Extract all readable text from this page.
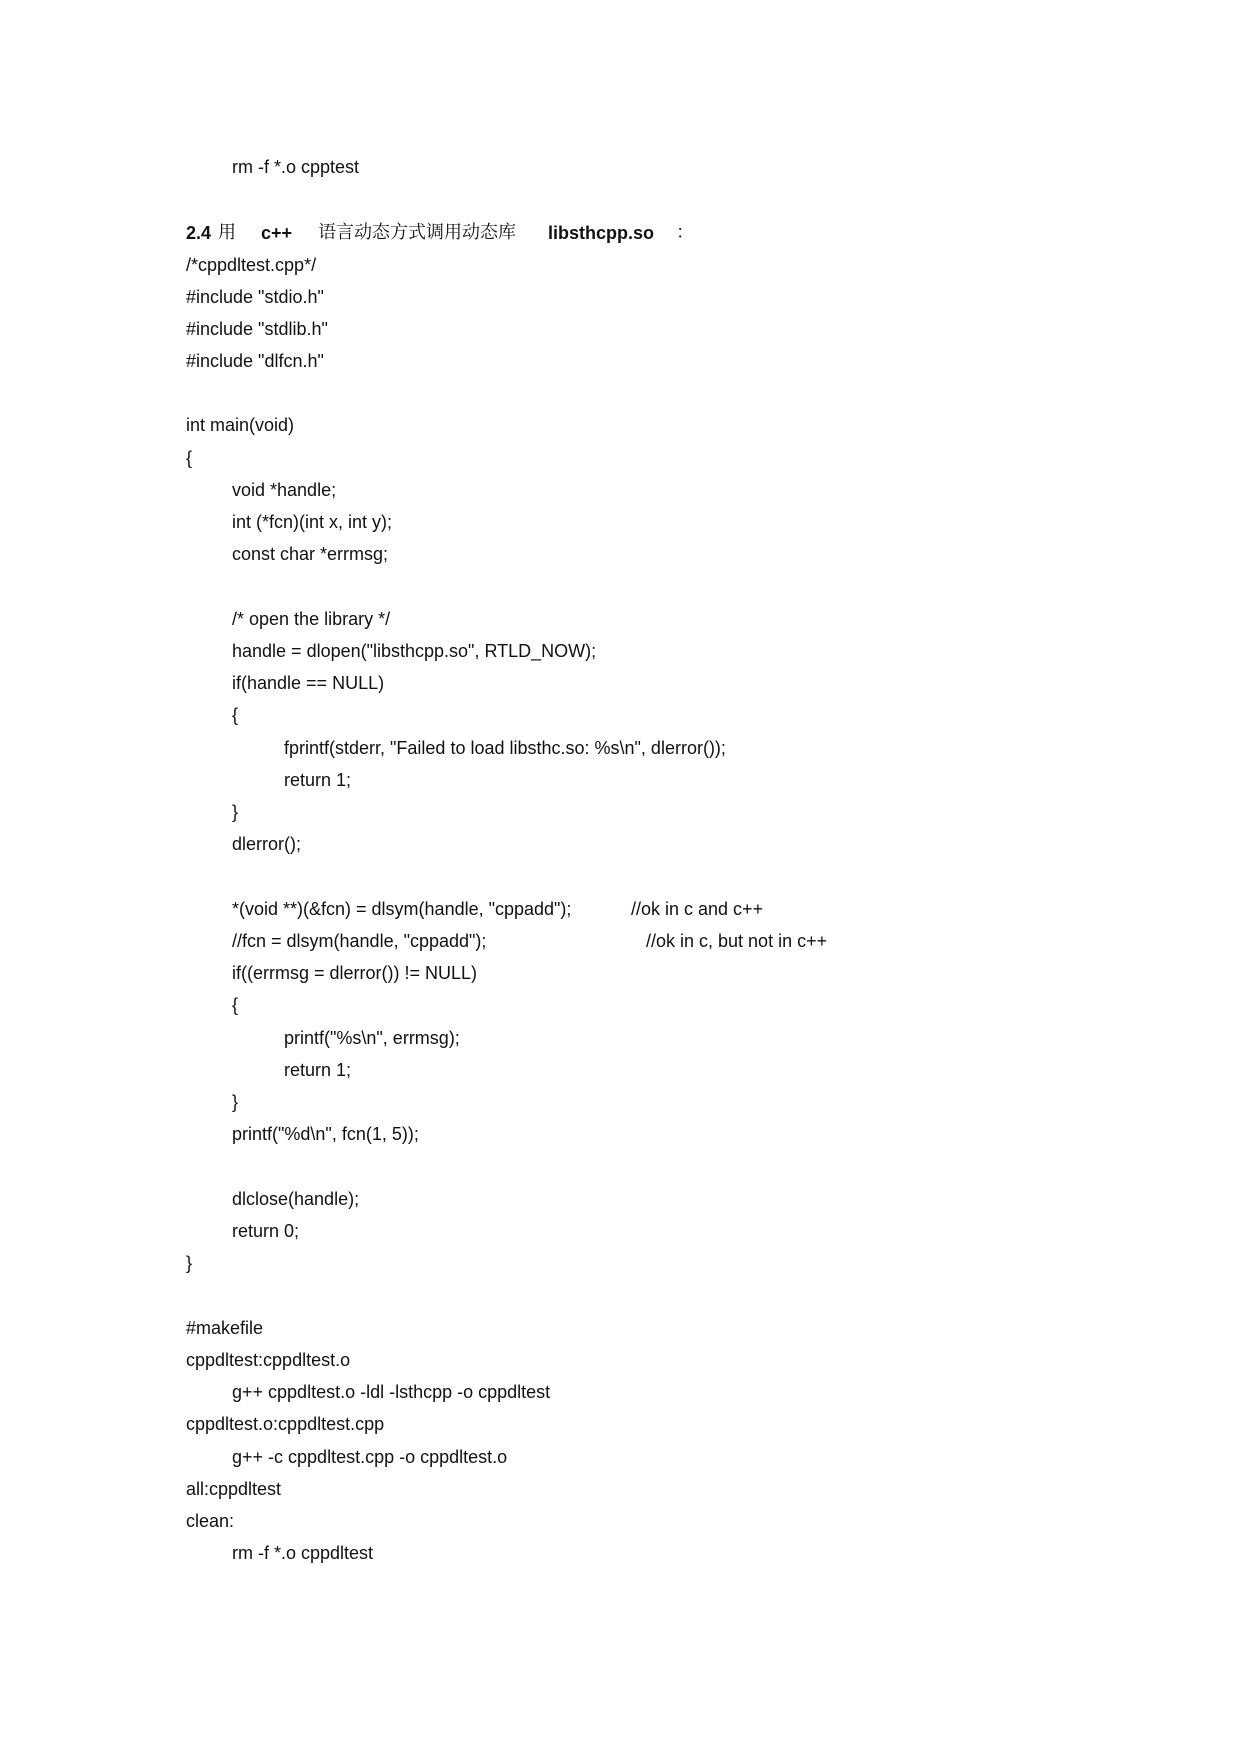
rm -f *.o cpptest

2.4

用

c++

语言动态方式调用动态库

libsthcpp.so

：

/*cppdltest.cpp*/
#include "stdio.h"
#include "stdlib.h"
#include "dlfcn.h"
int main(void)
{
void *handle;
int (*fcn)(int x, int y);
const char *errmsg;
/* open the library */
handle = dlopen("libsthcpp.so", RTLD_NOW);
if(handle == NULL)
{
fprintf(stderr, "Failed to load libsthc.so: %s\n", dlerror());
return 1;
}
dlerror();
*(void **)(&fcn) = dlsym(handle, "cppadd");	//ok in c and c++
//fcn = dlsym(handle, "cppadd");	//ok in c, but not in c++
if((errmsg = dlerror()) != NULL)
{
printf("%s\n", errmsg);
return 1;
}
printf("%d\n", fcn(1, 5));
dlclose(handle);
return 0;
}
#makefile
cppdltest:cppdltest.o
g++ cppdltest.o -ldl -lsthcpp -o cppdltest
cppdltest.o:cppdltest.cpp
g++ -c cppdltest.cpp -o cppdltest.o
all:cppdltest
clean:
rm -f *.o cppdltest
